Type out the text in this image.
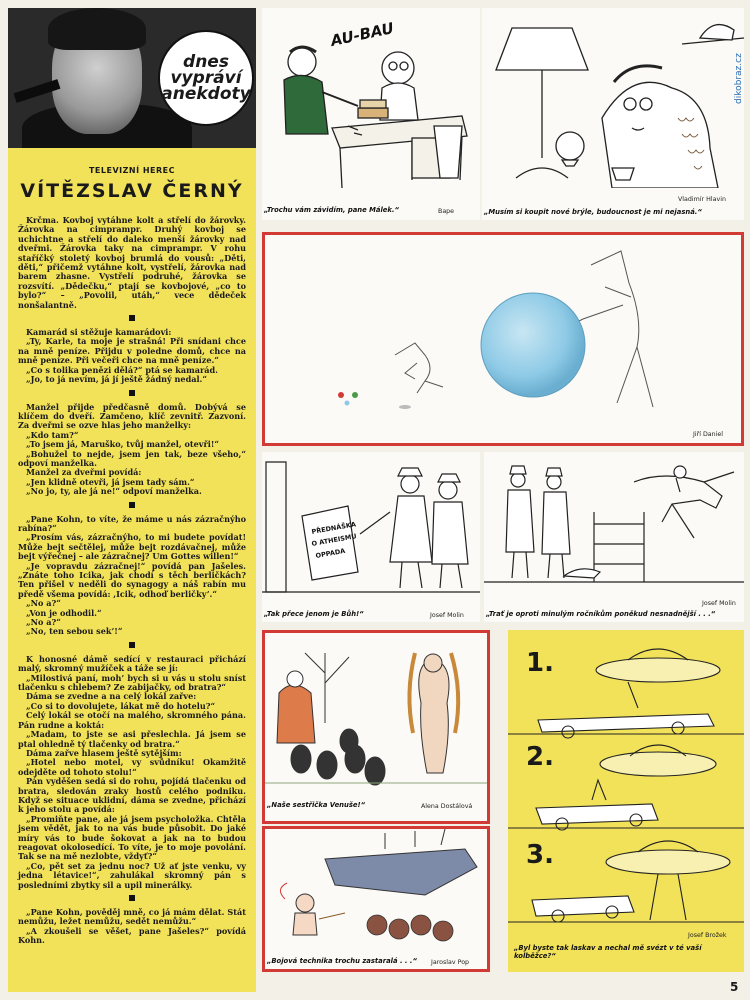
dnes
vypráví
anekdoty
TELEVIZNÍ HEREC
VÍTĚZSLAV ČERNÝ

Krčma. Kovboj vytáhne kolt a střelí do žárovky. Žárovka na cimprampr. Druhý kovboj se uchichtne a střelí do daleko menší žárovky nad dveřmi. Žárovka taky na cimprampr. V rohu staříčký stoletý kovboj brumlá do vousů: „Děti, děti,“ přičemž vytáhne kolt, vystřelí, žárovka nad barem zhasne. Vystřelí podruhé, žárovka se rozsvítí. „Dědečku,“ ptají se kovbojové, „co to bylo?“ – „Povolil, utáh,“ vece dědeček nonšalantně.

Kamarád si stěžuje kamarádovi:

„Ty, Karle, ta moje je strašná! Při snídani chce na mně peníze. Přijdu v poledne domů, chce na mně peníze. Při večeři chce na mně peníze.“

„Co s tolika penězi dělá?“ ptá se kamarád.

„Jo, to já nevím, já jí ještě žádný nedal.“

Manžel přijde předčasně domů. Dobývá se klíčem do dveří. Zamčeno, klíč zevnitř. Zazvoní. Za dveřmi se ozve hlas jeho manželky:

„Kdo tam?“

„To jsem já, Maruško, tvůj manžel, otevři!“

„Bohužel to nejde, jsem jen tak, beze všeho,“ odpoví manželka.

Manžel za dveřmi povídá:

„Jen klidně otevři, já jsem tady sám.“

„No jo, ty, ale já ne!“ odpoví manželka.

„Pane Kohn, to víte, že máme u nás zázračnýho rabína?“

„Prosím vás, zázračnýho, to mi budete povídat! Může bejt sečtělej, může bejt rozdávačnej, může bejt výřečnej – ale zázračnej? Um Gottes willen!“

„Je vopravdu zázračnej!“ povídá pan Jašeles. „Znáte toho Icika, jak chodí s těch berličkách? Ten přišel v neděli do synagogy a náš rabín mu předě všema povídá: ,Icik, odhoď berličky’.“

„No a?“

„Von je odhodil.“

„No a?“

„No, ten sebou sek’!“

K honosné dámě sedící v restauraci přichází malý, skromný mužíček a táže se jí:

„Milostivá paní, moh’ bych si u vás u stolu sníst tlačenku s chlebem? Ze zabijačky, od bratra?“

Dáma se zvedne a na celý lokál zařve:

„Co si to dovolujete, lákat mě do hotelu?“

Celý lokál se otočí na malého, skromného pána. Pán rudne a koktá:

„Madam, to jste se asi přeslechla. Já jsem se ptal ohledně tý tlačenky od bratra.“

Dáma zařve hlasem ještě sytějším:

„Hotel nebo motel, vy svůdníku! Okamžitě odejděte od tohoto stolu!“

Pán vyděšen sedá si do rohu, pojídá tlačenku od bratra, sledován zraky hostů celého podniku. Když se situace uklidní, dáma se zvedne, přichází k jeho stolu a povídá:

„Promiňte pane, ale já jsem psycholožka. Chtěla jsem vědět, jak to na vás bude působit. Do jaké míry vás to bude šokovat a jak na to budou reagovat okolosedící. To víte, je to moje povolání. Tak se na mě nezlobte, vždyť?“

„Co, pět set za jednu noc? Už ať jste venku, vy jedna létavice!“, zahulákal skromný pán s posledními zbytky sil a upil minerálky.

„Pane Kohn, pověděj mně, co já mám dělat. Stát nemůžu, ležet nemůžu, sedět nemůžu.“

„A zkoušeli se věšet, pane Jašeles?“ povídá Kohn.

AU-BAU
„Trochu vám závidím, pane Málek.“	Bape
Vladimír Hlavin
„Musím si koupit nové brýle, budoucnost je mi nejasná.“
Jiří Daniel
PŘEDNÁŠKA
O ATHEISMU
OPPADA
„Tak přece jenom je Bůh!“	Josef Molin
Josef Molin
„Trať je oproti minulým ročníkům poněkud nesnadnější . . .“
„Naše sestřička Venuše!“	Alena Dostálová
„Bojová technika trochu zastaralá . . .“ Jaroslav Pop
1.
2.
3.
Josef Brožek
„Byl byste tak laskav a nechal mě svézt v té vaší kolběžce?“
dikobraz.cz
5
